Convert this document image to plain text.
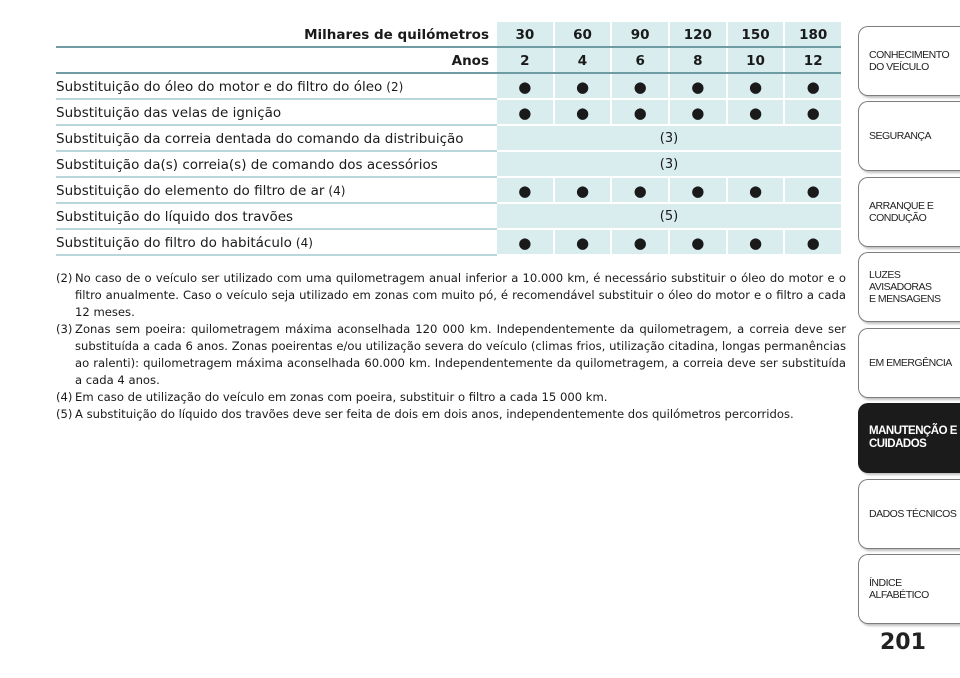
Milhares de quilómetros	30	60	90	120	150	180
Anos	2	4	6	8	10	12
Substituição do óleo do motor e do filtro do óleo (2)	●	●	●	●	●	●
Substituição das velas de ignição	●	●	●	●	●	●
Substituição da correia dentada do comando da distribuição	(3)
Substituição da(s) correia(s) de comando dos acessórios	(3)
Substituição do elemento do filtro de ar (4)	●	●	●	●	●	●
Substituição do líquido dos travões	(5)
Substituição do filtro do habitáculo (4)	●	●	●	●	●	●
(2) No caso de o veículo ser utilizado com uma quilometragem anual inferior a 10.000 km, é necessário substituir o óleo do motor e o filtro anualmente. Caso o veículo seja utilizado em zonas com muito pó, é recomendável substituir o óleo do motor e o filtro a cada 12 meses.
(3) Zonas sem poeira: quilometragem máxima aconselhada 120 000 km. Independentemente da quilometragem, a correia deve ser substituída a cada 6 anos. Zonas poeirentas e/ou utilização severa do veículo (climas frios, utilização citadina, longas permanências ao ralenti): quilometragem máxima aconselhada 60.000 km. Independentemente da quilometragem, a correia deve ser substituída a cada 4 anos.
(4) Em caso de utilização do veículo em zonas com poeira, substituir o filtro a cada 15 000 km.
(5) A substituição do líquido dos travões deve ser feita de dois em dois anos, independentemente dos quilómetros percorridos.
CONHECIMENTO
DO VEÍCULO
SEGURANÇA
ARRANQUE E
CONDUÇÃO
LUZES AVISADORAS
E MENSAGENS
EM EMERGÊNCIA
MANUTENÇÃO E
CUIDADOS
DADOS TÉCNICOS
ÍNDICE ALFABÉTICO
201
